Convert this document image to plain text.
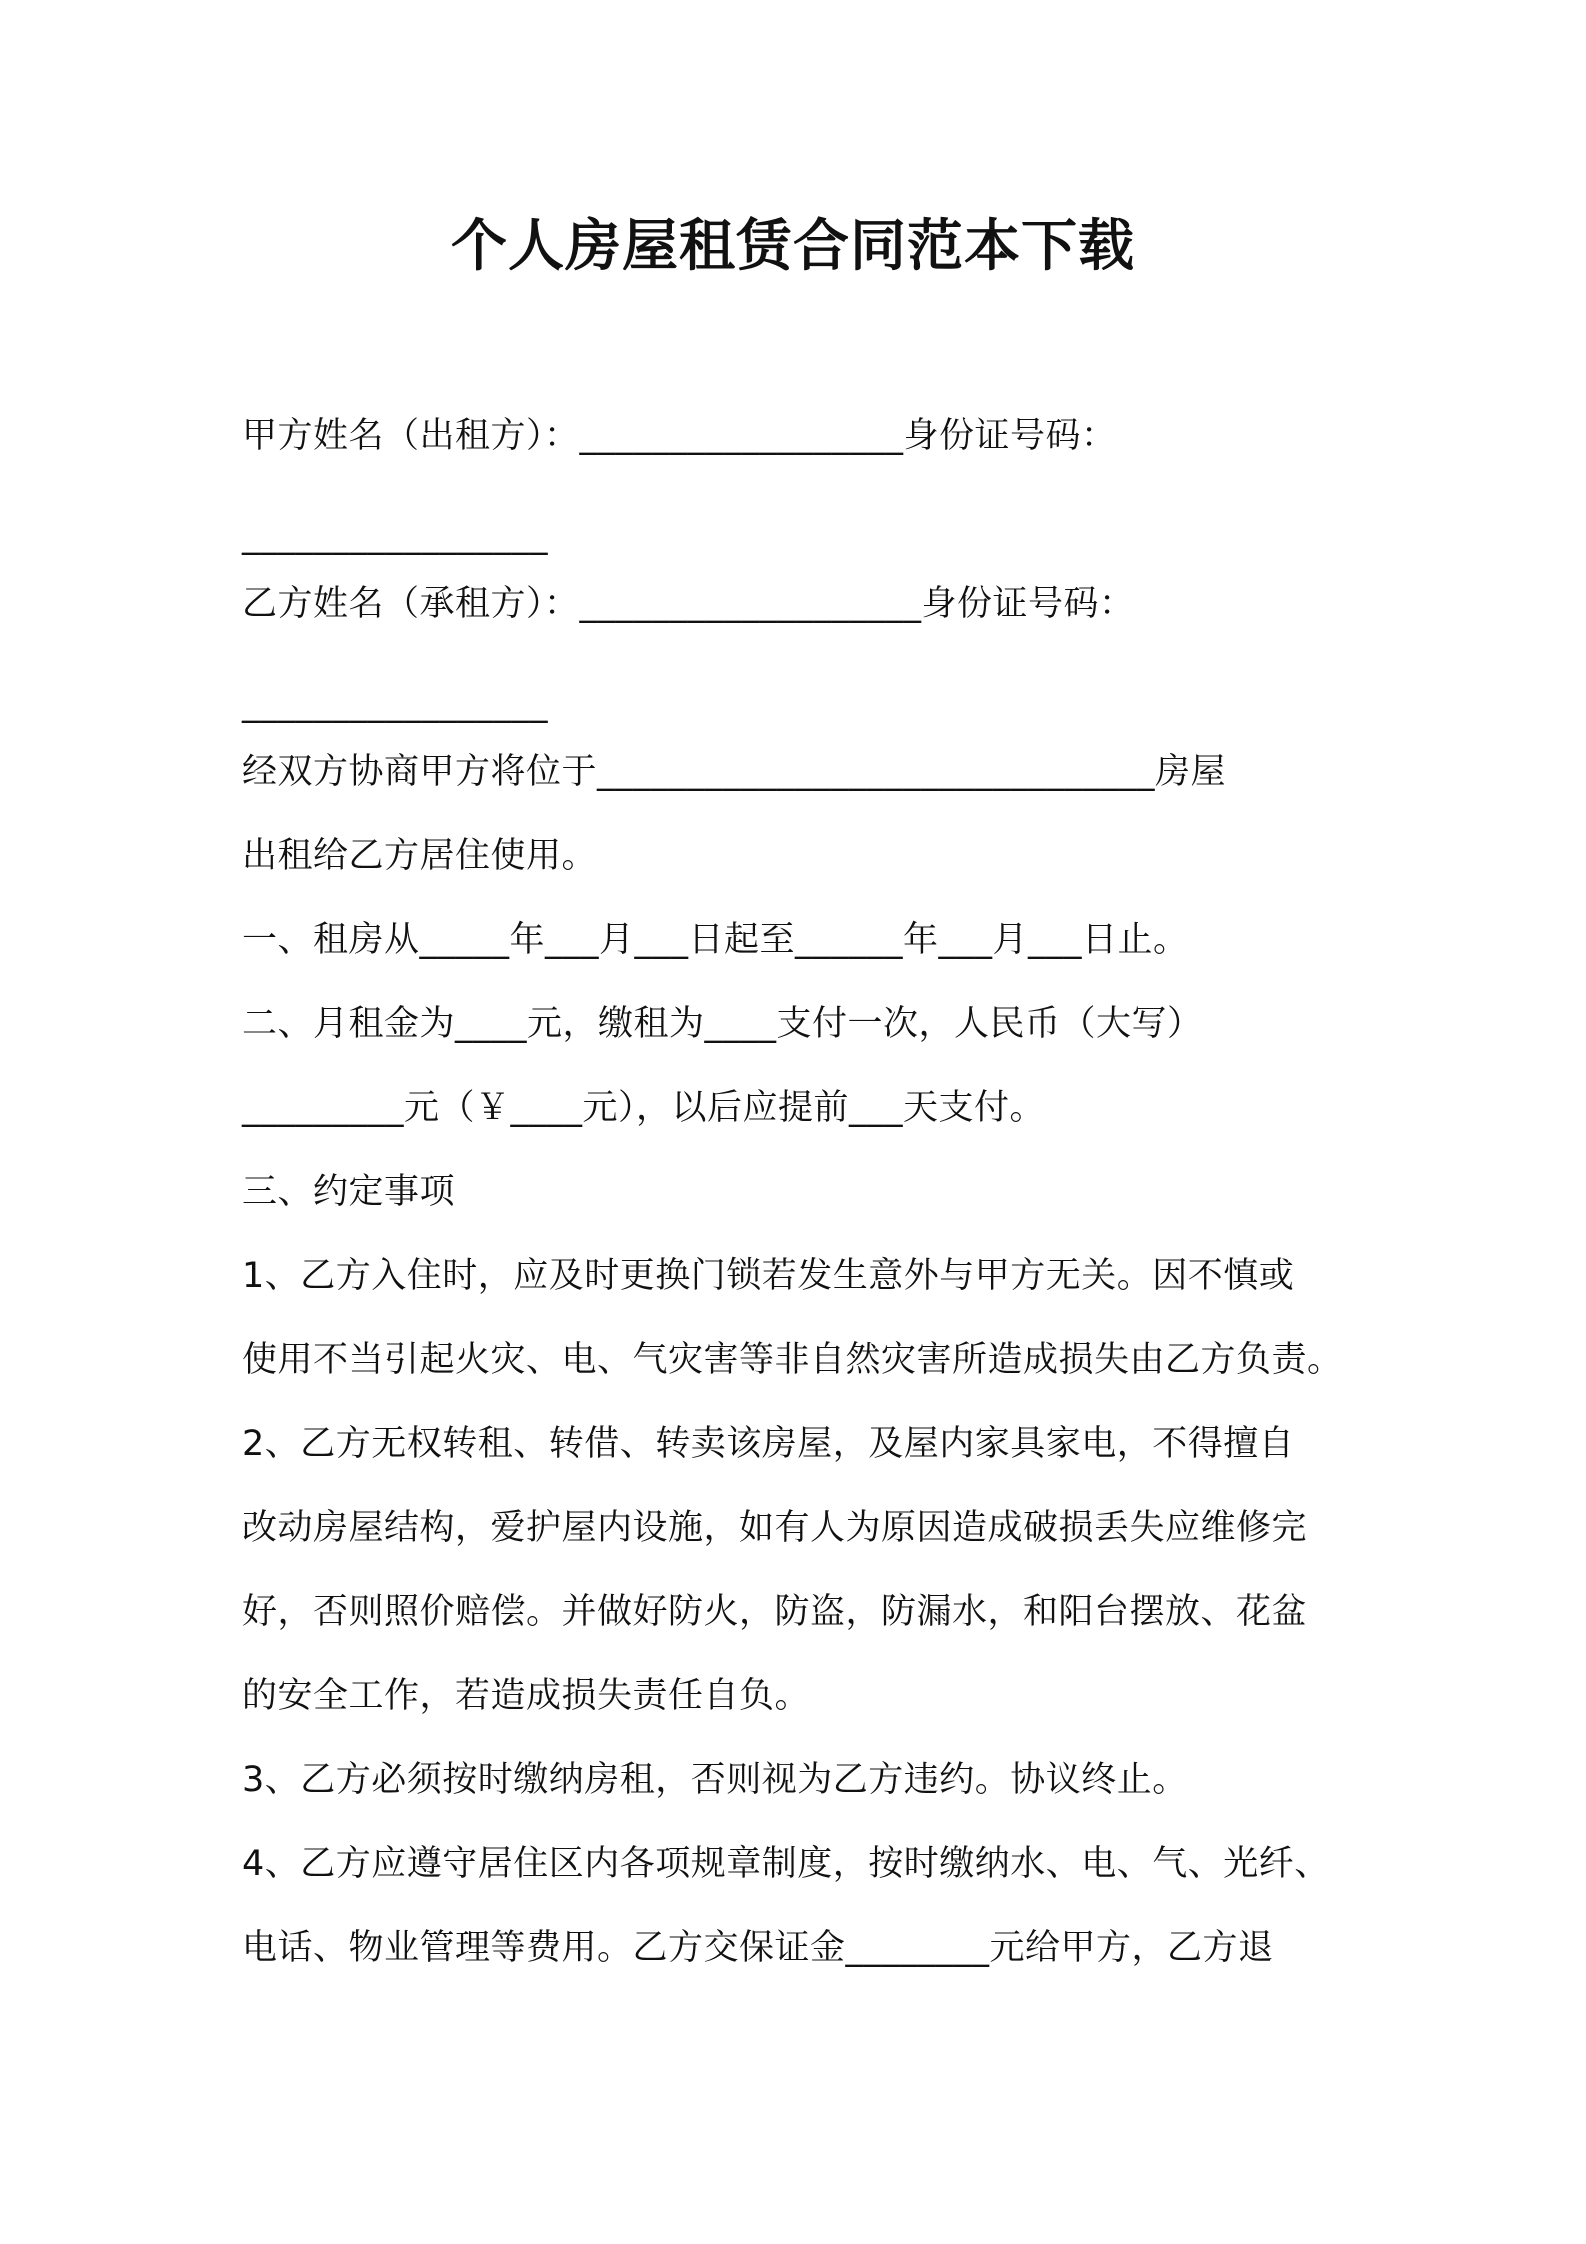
个人房屋租赁合同范本下载
甲方姓名（出租方）：__________________身份证号码：
_________________
乙方姓名（承租方）：___________________身份证号码：
_________________
经双方协商甲方将位于_______________________________房屋
出租给乙方居住使用。
一、租房从_____年___月___日起至______年___月___日止。
二、月租金为____元，缴租为____支付一次，人民币（大写）
_________元（￥____元），以后应提前___天支付。
三、约定事项
1、乙方入住时，应及时更换门锁若发生意外与甲方无关。因不慎或
使用不当引起火灾、电、气灾害等非自然灾害所造成损失由乙方负责。
2、乙方无权转租、转借、转卖该房屋，及屋内家具家电，不得擅自
改动房屋结构，爱护屋内设施，如有人为原因造成破损丢失应维修完
好，否则照价赔偿。并做好防火，防盗，防漏水，和阳台摆放、花盆
的安全工作，若造成损失责任自负。
3、乙方必须按时缴纳房租，否则视为乙方违约。协议终止。
4、乙方应遵守居住区内各项规章制度，按时缴纳水、电、气、光纤、
电话、物业管理等费用。乙方交保证金________元给甲方，乙方退
